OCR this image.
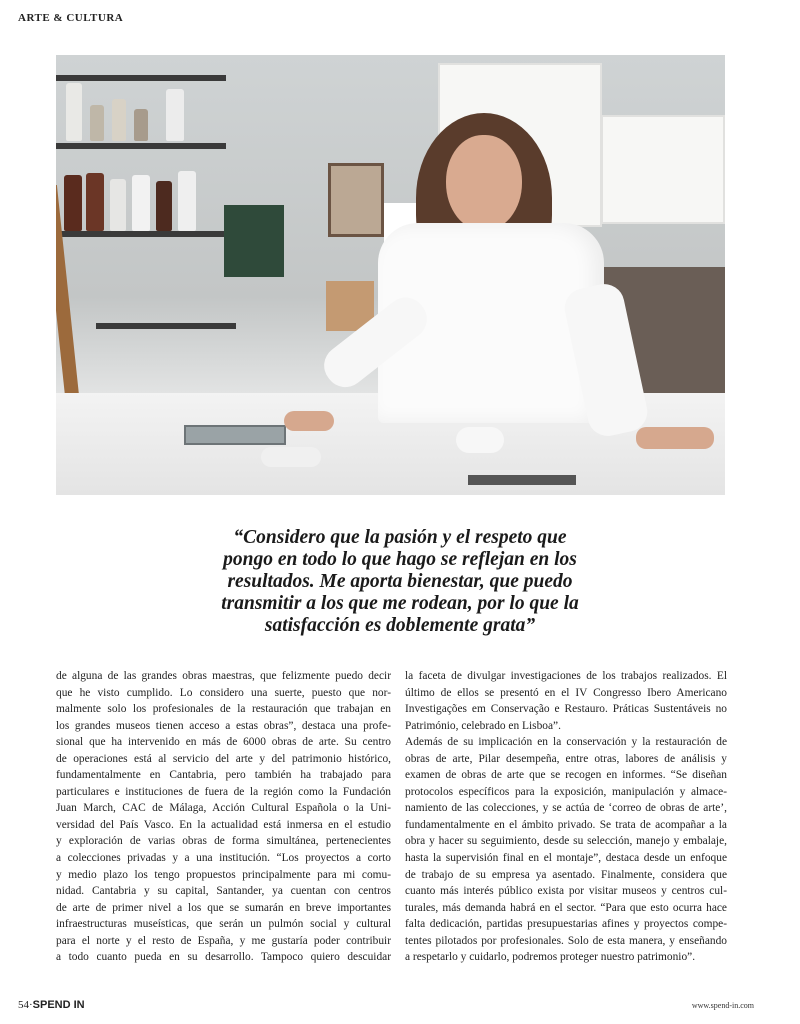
ARTE & CULTURA
“Considero que la pasión y el respeto que
pongo en todo lo que hago se reflejan en los
resultados. Me aporta bienestar, que puedo
transmitir a los que me rodean, por lo que la
satisfacción es doblemente grata”
de alguna de las grandes obras maestras, que felizmente puedo decir
que he visto cumplido. Lo considero una suerte, puesto que nor-
malmente solo los profesionales de la restauración que trabajan en
los grandes museos tienen acceso a estas obras”, destaca una profe-
sional que ha intervenido en más de 6000 obras de arte. Su centro
de operaciones está al servicio del arte y del patrimonio histórico,
fundamentalmente en Cantabria, pero también ha trabajado para
particulares e instituciones de fuera de la región como la Fundación
Juan March, CAC de Málaga, Acción Cultural Española o la Uni-
versidad del País Vasco. En la actualidad está inmersa en el estudio
y exploración de varias obras de forma simultánea, pertenecientes
a colecciones privadas y a una institución. “Los proyectos a corto
y medio plazo los tengo propuestos principalmente para mi comu-
nidad. Cantabria y su capital, Santander, ya cuentan con centros
de arte de primer nivel a los que se sumarán en breve importantes
infraestructuras museísticas, que serán un pulmón social y cultural
para el norte y el resto de España, y me gustaría poder contribuir
a todo cuanto pueda en su desarrollo. Tampoco quiero descuidar
la faceta de divulgar investigaciones de los trabajos realizados. El
último de ellos se presentó en el IV Congresso Ibero Americano
Investigações em Conservação e Restauro. Práticas Sustentáveis no
Património, celebrado en Lisboa”.
Además de su implicación en la conservación y la restauración de
obras de arte, Pilar desempeña, entre otras, labores de análisis y
examen de obras de arte que se recogen en informes. “Se diseñan
protocolos específicos para la exposición, manipulación y almace-
namiento de las colecciones, y se actúa de ‘correo de obras de arte’,
fundamentalmente en el ámbito privado. Se trata de acompañar a la
obra y hacer su seguimiento, desde su selección, manejo y embalaje,
hasta la supervisión final en el montaje”, destaca desde un enfoque
de trabajo de su empresa ya asentado. Finalmente, considera que
cuanto más interés público exista por visitar museos y centros cul-
turales, más demanda habrá en el sector. “Para que esto ocurra hace
falta dedicación, partidas presupuestarias afines y proyectos compe-
tentes pilotados por profesionales. Solo de esta manera, y enseñando
a respetarlo y cuidarlo, podremos proteger nuestro patrimonio”.
54·SPEND IN	www.spend-in.com
